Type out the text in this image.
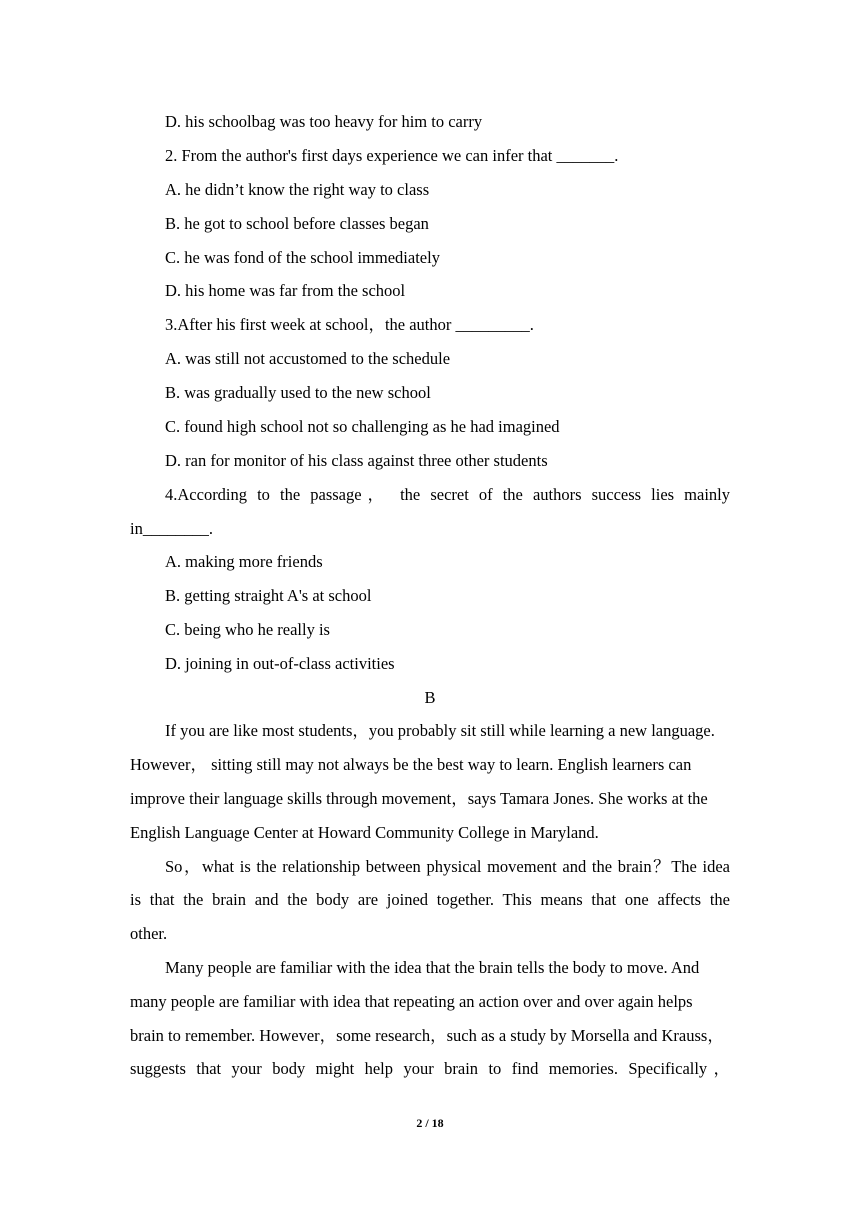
D. his schoolbag was too heavy for him to carry
2. From the author's first days experience we can infer that _______.
A. he didn’t know the right way to class
B. he got to school before classes began
C. he was fond of the school immediately
D. his home was far from the school
3.After his first week at school，the author _________.
A. was still not accustomed to the schedule
B. was gradually used to the new school
C. found high school not so challenging as he had imagined
D. ran for monitor of his class against three other students
4.According to the passage， the secret of the authors success lies mainly
in________.
A. making more friends
B. getting straight A's at school
C. being who he really is
D. joining in out-of-class activities
B
If you are like most students，you probably sit still while learning a new language.
However， sitting still may not always be the best way to learn. English learners can
improve their language skills through movement，says Tamara Jones. She works at the
English Language Center at Howard Community College in Maryland.
So，what is the relationship between physical movement and the brain？The idea
is that the brain and the body are joined together. This means that one affects the
other.
Many people are familiar with the idea that the brain tells the body to move. And
many people are familiar with idea that repeating an action over and over again helps
brain to remember. However，some research，such as a study by Morsella and Krauss，
suggests that your body might help your brain to find memories. Specifically，
2 / 18
